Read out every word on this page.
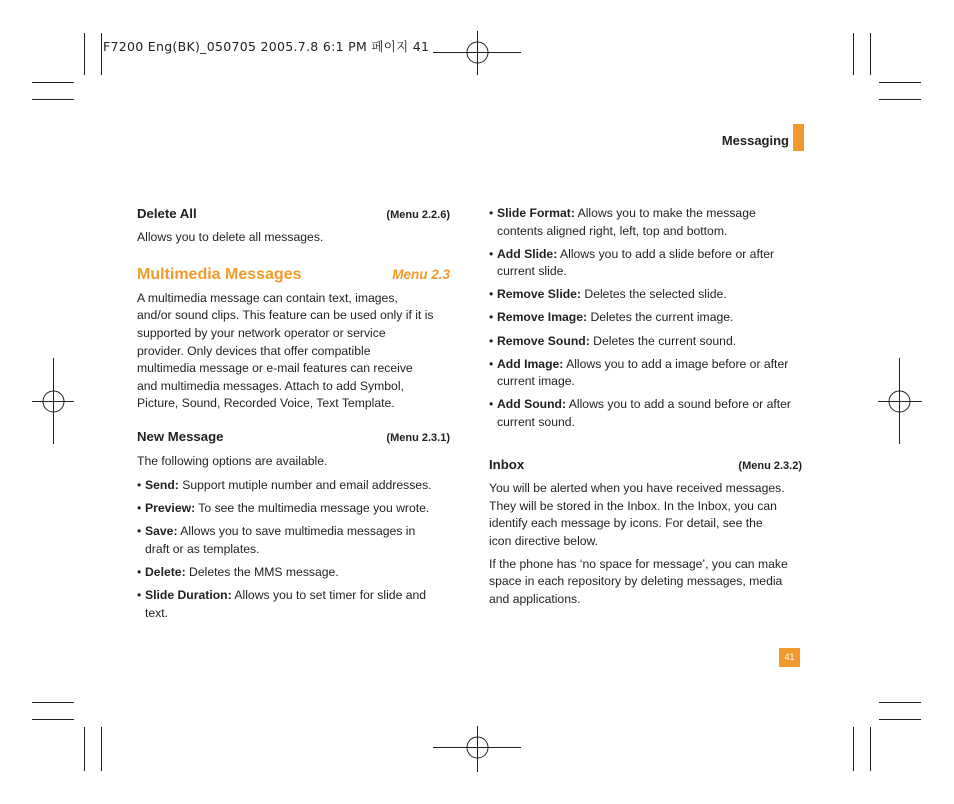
F7200 Eng(BK)_050705 2005.7.8 6:1 PM 페이지 41
Messaging
Delete All	(Menu 2.2.6)

Allows you to delete all messages.

Multimedia Messages	Menu 2.3

A multimedia message can contain text, images,

and/or sound clips. This feature can be used only if it is

supported by your network operator or service

provider. Only devices that offer compatible

multimedia message or e-mail features can receive

and multimedia messages. Attach to add Symbol,

Picture, Sound, Recorded Voice, Text Template.

New Message	(Menu 2.3.1)

The following options are available.

• Send: Support mutiple number and email addresses.

• Preview: To see the multimedia message you wrote.

• Save: Allows you to save multimedia messages in

draft or as templates.

• Delete: Deletes the MMS message.

• Slide Duration: Allows you to set timer for slide and

text.

• Slide Format: Allows you to make the message

contents aligned right, left, top and bottom.

• Add Slide: Allows you to add a slide before or after

current slide.

• Remove Slide: Deletes the selected slide.

• Remove Image: Deletes the current image.

• Remove Sound: Deletes the current sound.

• Add Image: Allows you to add a image before or after

current image.

• Add Sound: Allows you to add a sound before or after

current sound.

Inbox	(Menu 2.3.2)

You will be alerted when you have received messages.

They will be stored in the Inbox. In the Inbox, you can

identify each message by icons. For detail, see the

icon directive below.

If the phone has ‘no space for message’, you can make

space in each repository by deleting messages, media

and applications.

41
